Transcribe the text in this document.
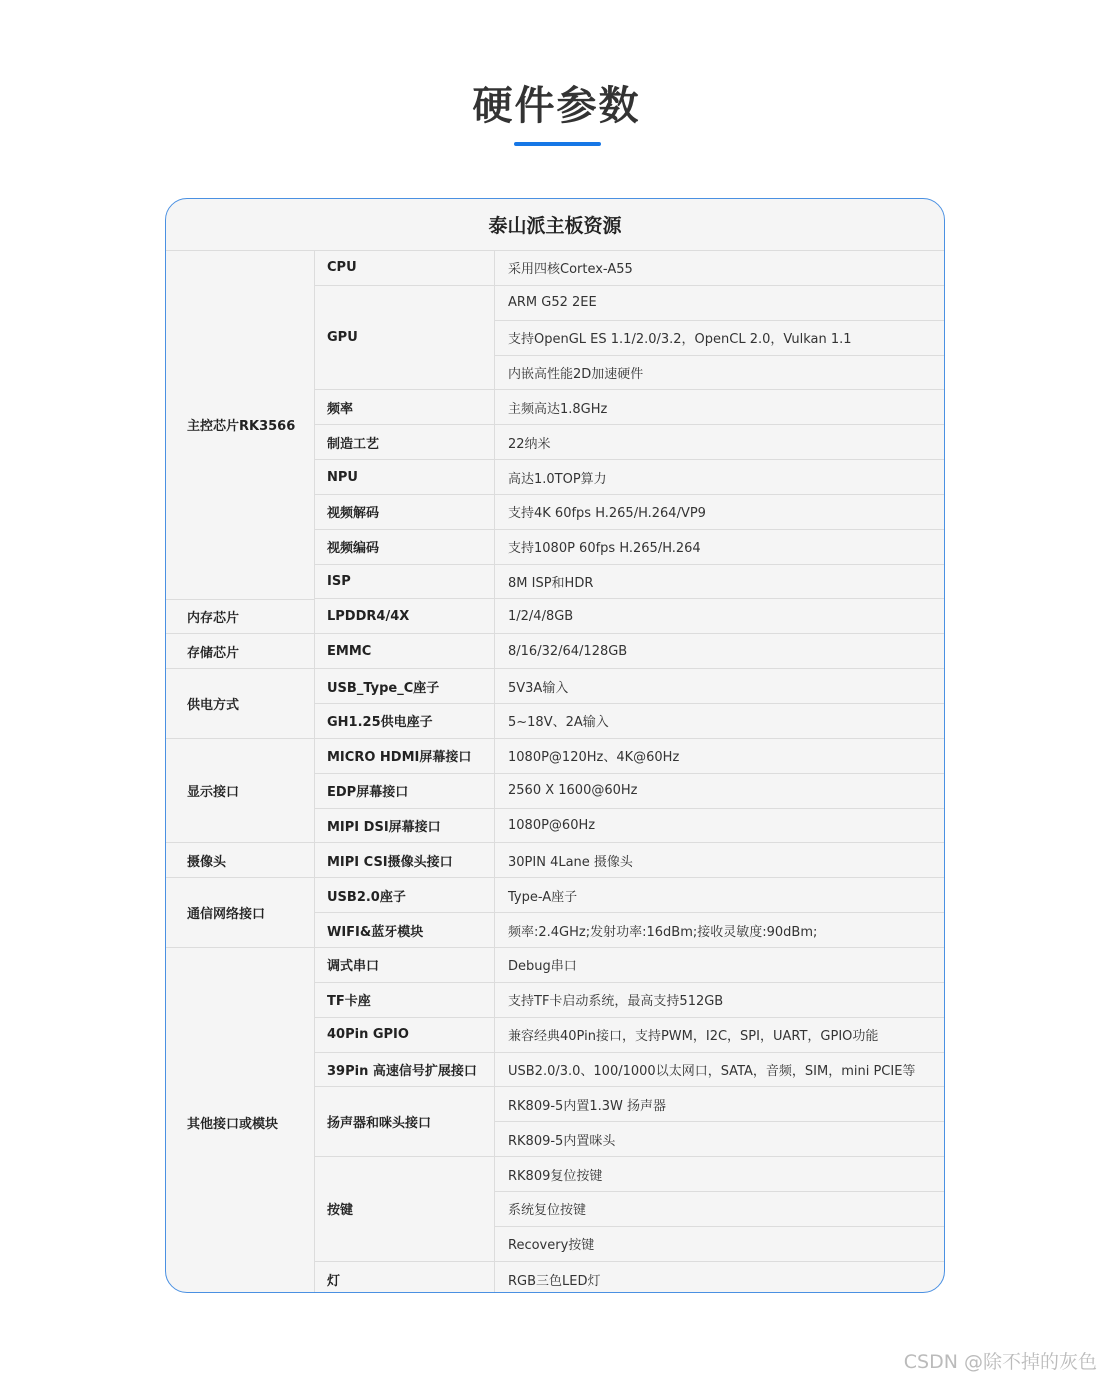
硬件参数
泰山派主板资源
采用四核Cortex-A55
CPU
ARM G52 2EE
支持OpenGL ES 1.1/2.0/3.2，OpenCL 2.0，Vulkan 1.1
内嵌高性能2D加速硬件
GPU
主频高达1.8GHz
频率
22纳米
制造工艺
高达1.0TOP算力
NPU
支持4K 60fps H.265/H.264/VP9
视频解码
支持1080P 60fps H.265/H.264
视频编码
8M ISP和HDR
ISP
主控芯片RK3566
1/2/4/8GB
LPDDR4/4X
内存芯片
8/16/32/64/128GB
EMMC
存储芯片
5V3A输入
USB_Type_C座子
5~18V、2A输入
GH1.25供电座子
供电方式
1080P@120Hz、4K@60Hz
MICRO HDMI屏幕接口
2560 X 1600@60Hz
EDP屏幕接口
1080P@60Hz
MIPI DSI屏幕接口
显示接口
30PIN 4Lane 摄像头
MIPI CSI摄像头接口
摄像头
Type-A座子
USB2.0座子
频率:2.4GHz;发射功率:16dBm;接收灵敏度:90dBm;
WIFI&蓝牙模块
通信网络接口
Debug串口
调式串口
支持TF卡启动系统，最高支持512GB
TF卡座
兼容经典40Pin接口，支持PWM，I2C，SPI，UART，GPIO功能
40Pin GPIO
USB2.0/3.0、100/1000以太网口，SATA，音频，SIM，mini PCIE等
39Pin 高速信号扩展接口
RK809-5内置1.3W 扬声器
RK809-5内置咪头
扬声器和咪头接口
RK809复位按键
系统复位按键
Recovery按键
按键
RGB三色LED灯
灯
其他接口或模块
CSDN @除不掉的灰色
